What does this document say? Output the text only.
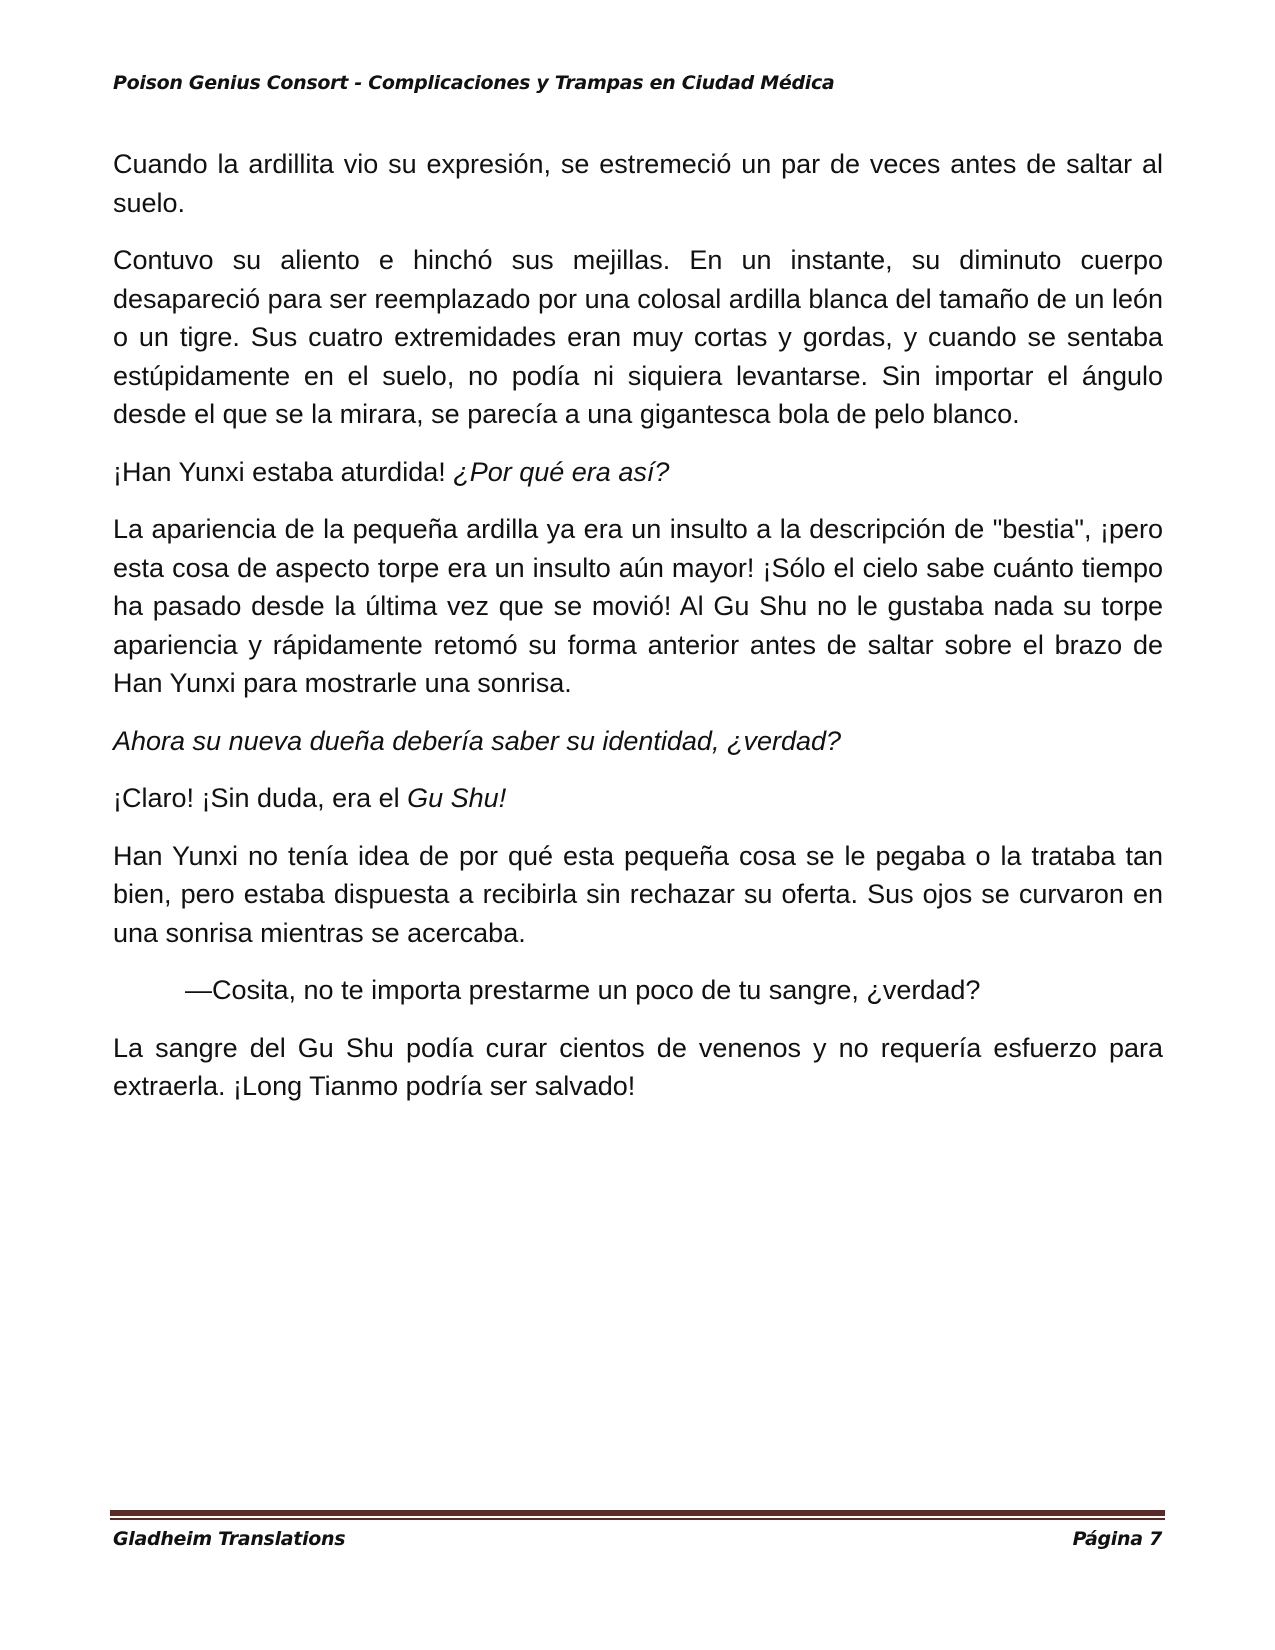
Poison Genius Consort - Complicaciones y Trampas en Ciudad Médica

Cuando la ardillita vio su expresión, se estremeció un par de veces antes de saltar al suelo.

Contuvo su aliento e hinchó sus mejillas. En un instante, su diminuto cuerpo desapareció para ser reemplazado por una colosal ardilla blanca del tamaño de un león o un tigre. Sus cuatro extremidades eran muy cortas y gordas, y cuando se sentaba estúpidamente en el suelo, no podía ni siquiera levantarse. Sin importar el ángulo desde el que se la mirara, se parecía a una gigantesca bola de pelo blanco.

¡Han Yunxi estaba aturdida! ¿Por qué era así?

La apariencia de la pequeña ardilla ya era un insulto a la descripción de "bestia", ¡pero esta cosa de aspecto torpe era un insulto aún mayor! ¡Sólo el cielo sabe cuánto tiempo ha pasado desde la última vez que se movió! Al Gu Shu no le gustaba nada su torpe apariencia y rápidamente retomó su forma anterior antes de saltar sobre el brazo de Han Yunxi para mostrarle una sonrisa.

Ahora su nueva dueña debería saber su identidad, ¿verdad?

¡Claro! ¡Sin duda, era el Gu Shu!

Han Yunxi no tenía idea de por qué esta pequeña cosa se le pegaba o la trataba tan bien, pero estaba dispuesta a recibirla sin rechazar su oferta. Sus ojos se curvaron en una sonrisa mientras se acercaba.

—Cosita, no te importa prestarme un poco de tu sangre, ¿verdad?

La sangre del Gu Shu podía curar cientos de venenos y no requería esfuerzo para extraerla. ¡Long Tianmo podría ser salvado!

Gladheim Translations	Página 7
